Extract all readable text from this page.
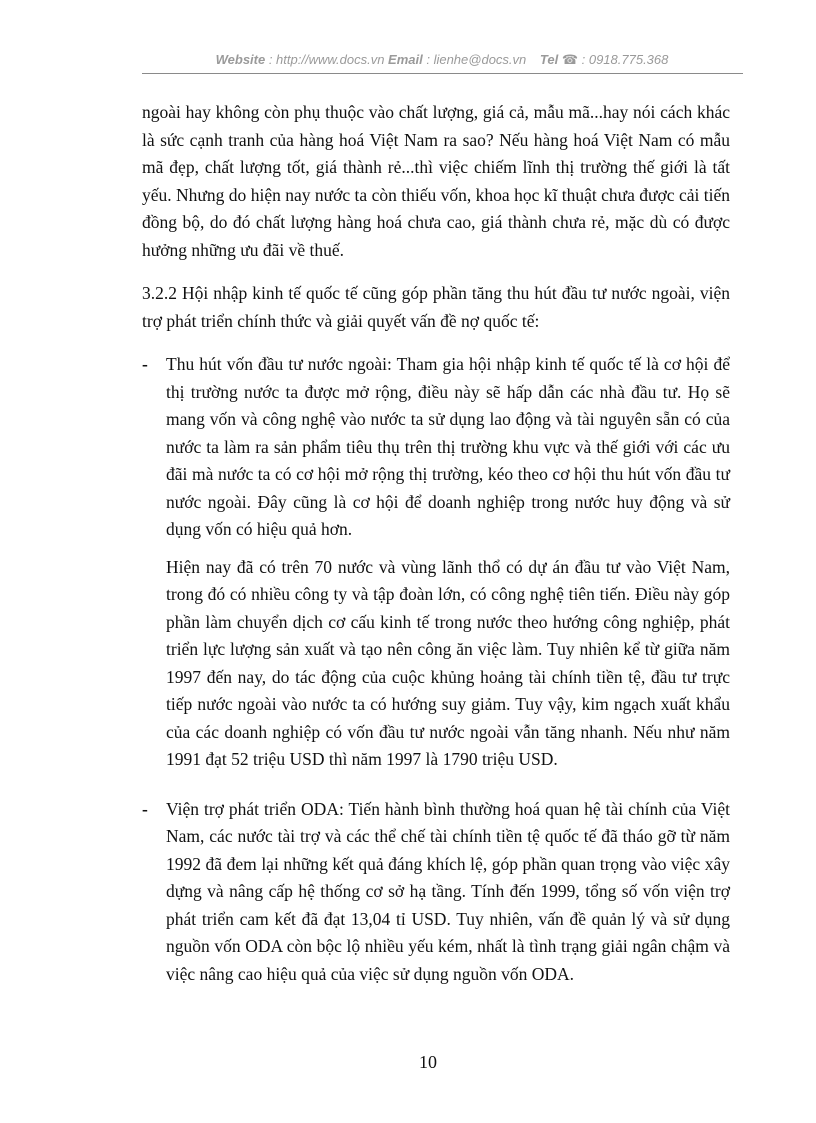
Website : http://www.docs.vn Email : lienhe@docs.vn Tel ☎ : 0918.775.368

ngoài hay không còn phụ thuộc vào chất lượng, giá cả, mẫu mã...hay nói cách khác là sức cạnh tranh của hàng hoá Việt Nam ra sao? Nếu hàng hoá Việt Nam có mẫu mã đẹp, chất lượng tốt, giá thành rẻ...thì việc chiếm lĩnh thị trường thế giới là tất yếu. Nhưng do hiện nay nước ta còn thiếu vốn, khoa học kĩ thuật chưa được cải tiến đồng bộ, do đó chất lượng hàng hoá chưa cao, giá thành chưa rẻ, mặc dù có được hưởng những ưu đãi về thuế.

3.2.2 Hội nhập kinh tế quốc tế cũng góp phần tăng thu hút đầu tư nước ngoài, viện trợ phát triển chính thức và giải quyết vấn đề nợ quốc tế:

- Thu hút vốn đầu tư nước ngoài: Tham gia hội nhập kinh tế quốc tế là cơ hội để thị trường nước ta được mở rộng, điều này sẽ hấp dẫn các nhà đầu tư. Họ sẽ mang vốn và công nghệ vào nước ta sử dụng lao động và tài nguyên sẵn có của nước ta làm ra sản phẩm tiêu thụ trên thị trường khu vực và thế giới với các ưu đãi mà nước ta có cơ hội mở rộng thị trường, kéo theo cơ hội thu hút vốn đầu tư nước ngoài. Đây cũng là cơ hội để doanh nghiệp trong nước huy động và sử dụng vốn có hiệu quả hơn.

Hiện nay đã có trên 70 nước và vùng lãnh thổ có dự án đầu tư vào Việt Nam, trong đó có nhiều công ty và tập đoàn lớn, có công nghệ tiên tiến. Điều này góp phần làm chuyển dịch cơ cấu kinh tế trong nước theo hướng công nghiệp, phát triển lực lượng sản xuất và tạo nên công ăn việc làm. Tuy nhiên kể từ giữa năm 1997 đến nay, do tác động của cuộc khủng hoảng tài chính tiền tệ, đầu tư trực tiếp nước ngoài vào nước ta có hướng suy giảm. Tuy vậy, kim ngạch xuất khẩu của các doanh nghiệp có vốn đầu tư nước ngoài vẫn tăng nhanh. Nếu như năm 1991 đạt 52 triệu USD thì năm 1997 là 1790 triệu USD.

- Viện trợ phát triển ODA: Tiến hành bình thường hoá quan hệ tài chính của Việt Nam, các nước tài trợ và các thể chế tài chính tiền tệ quốc tế đã tháo gỡ từ năm 1992 đã đem lại những kết quả đáng khích lệ, góp phần quan trọng vào việc xây dựng và nâng cấp hệ thống cơ sở hạ tầng. Tính đến 1999, tổng số vốn viện trợ phát triển cam kết đã đạt 13,04 tỉ USD. Tuy nhiên, vấn đề quản lý và sử dụng nguồn vốn ODA còn bộc lộ nhiều yếu kém, nhất là tình trạng giải ngân chậm và việc nâng cao hiệu quả của việc sử dụng nguồn vốn ODA.

10
